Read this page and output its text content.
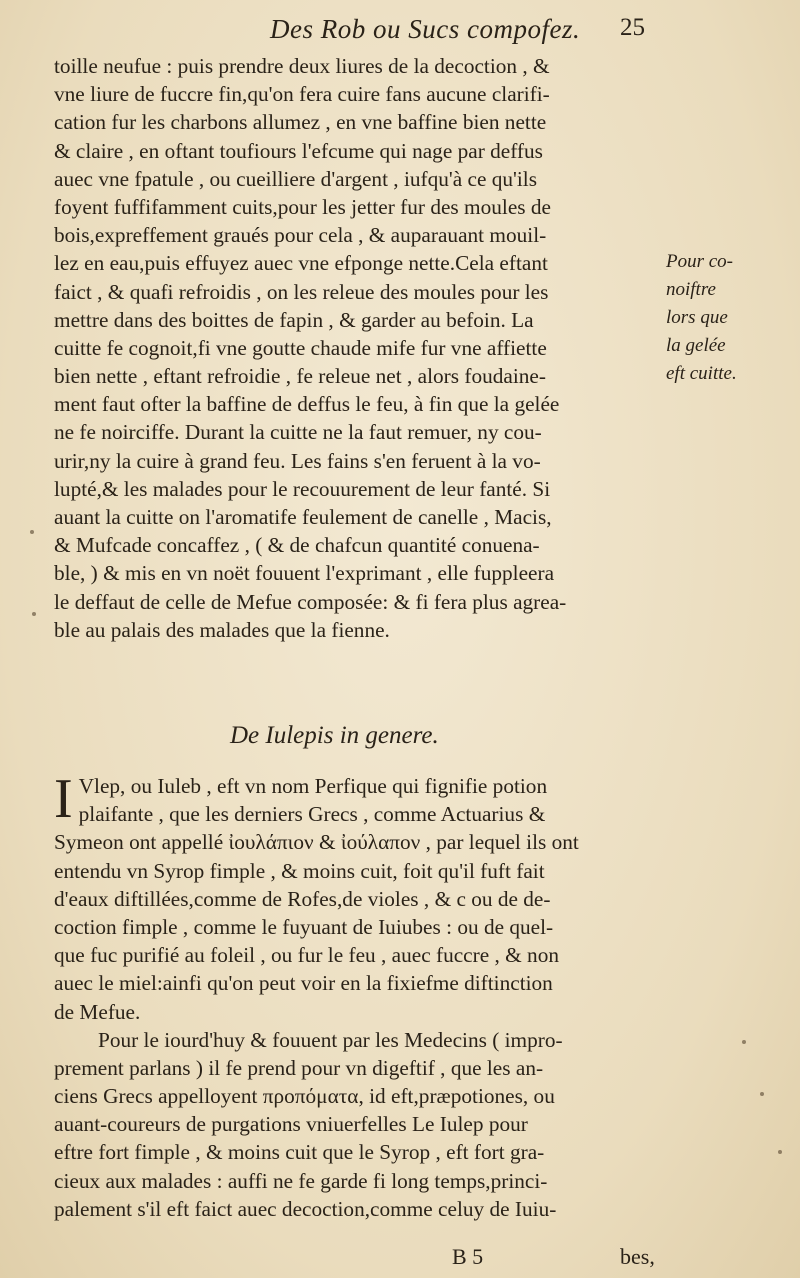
Des Rob ou Sucs compofez. 25
toille neufue : puis prendre deux liures de la decoction , &
vne liure de fuccre fin,qu'on fera cuire fans aucune clarifi-
cation fur les charbons allumez , en vne baffine bien nette
& claire , en oftant toufiours l'efcume qui nage par deffus
auec vne fpatule , ou cueilliere d'argent , iufqu'à ce qu'ils
foyent fuffifamment cuits,pour les jetter fur des moules de
bois,expreffement graués pour cela , & auparauant mouil-
lez en eau,puis effuyez auec vne efponge nette.Cela eftant
faict , & quafi refroidis , on les releue des moules pour les
mettre dans des boittes de fapin , & garder au befoin. La
cuitte fe cognoit,fi vne goutte chaude mife fur vne affiette
bien nette , eftant refroidie , fe releue net , alors foudaine-
ment faut ofter la baffine de deffus le feu, à fin que la gelée
ne fe noirciffe. Durant la cuitte ne la faut remuer, ny cou-
urir,ny la cuire à grand feu. Les fains s'en feruent à la vo-
lupté,& les malades pour le recouurement de leur fanté. Si
auant la cuitte on l'aromatife feulement de canelle , Macis,
& Mufcade concaffez , ( & de chafcun quantité conuena-
ble, ) & mis en vn noët fouuent l'exprimant , elle fuppleera
le deffaut de celle de Mefue composée: & fi fera plus agrea-
ble au palais des malades que la fienne.
Pour co-
noiftre
lors que
la gelée
eft cuitte.
De Iulepis in genere.
I Vlep, ou Iuleb , eft vn nom Perfique qui fignifie potion
plaifante , que les derniers Grecs , comme Actuarius &
Symeon ont appellé ἰουλάπιον & ἰούλαπον , par lequel ils ont
entendu vn Syrop fimple , & moins cuit, foit qu'il fuft fait
d'eaux diftillées,comme de Rofes,de violes , & c ou de de-
coction fimple , comme le fuyuant de Iuiubes : ou de quel-
que fuc purifié au foleil , ou fur le feu , auec fuccre , & non
auec le miel:ainfi qu'on peut voir en la fixiefme diftinction
de Mefue.
Pour le iourd'huy & fouuent par les Medecins ( impro-
prement parlans ) il fe prend pour vn digeftif , que les an-
ciens Grecs appelloyent προπόματα, id eft,præpotiones, ou
auant-coureurs de purgations vniuerfelles Le Iulep pour
eftre fort fimple , & moins cuit que le Syrop , eft fort gra-
cieux aux malades : auffi ne fe garde fi long temps,princi-
palement s'il eft faict auec decoction,comme celuy de Iuiu-
B 5	bes,
